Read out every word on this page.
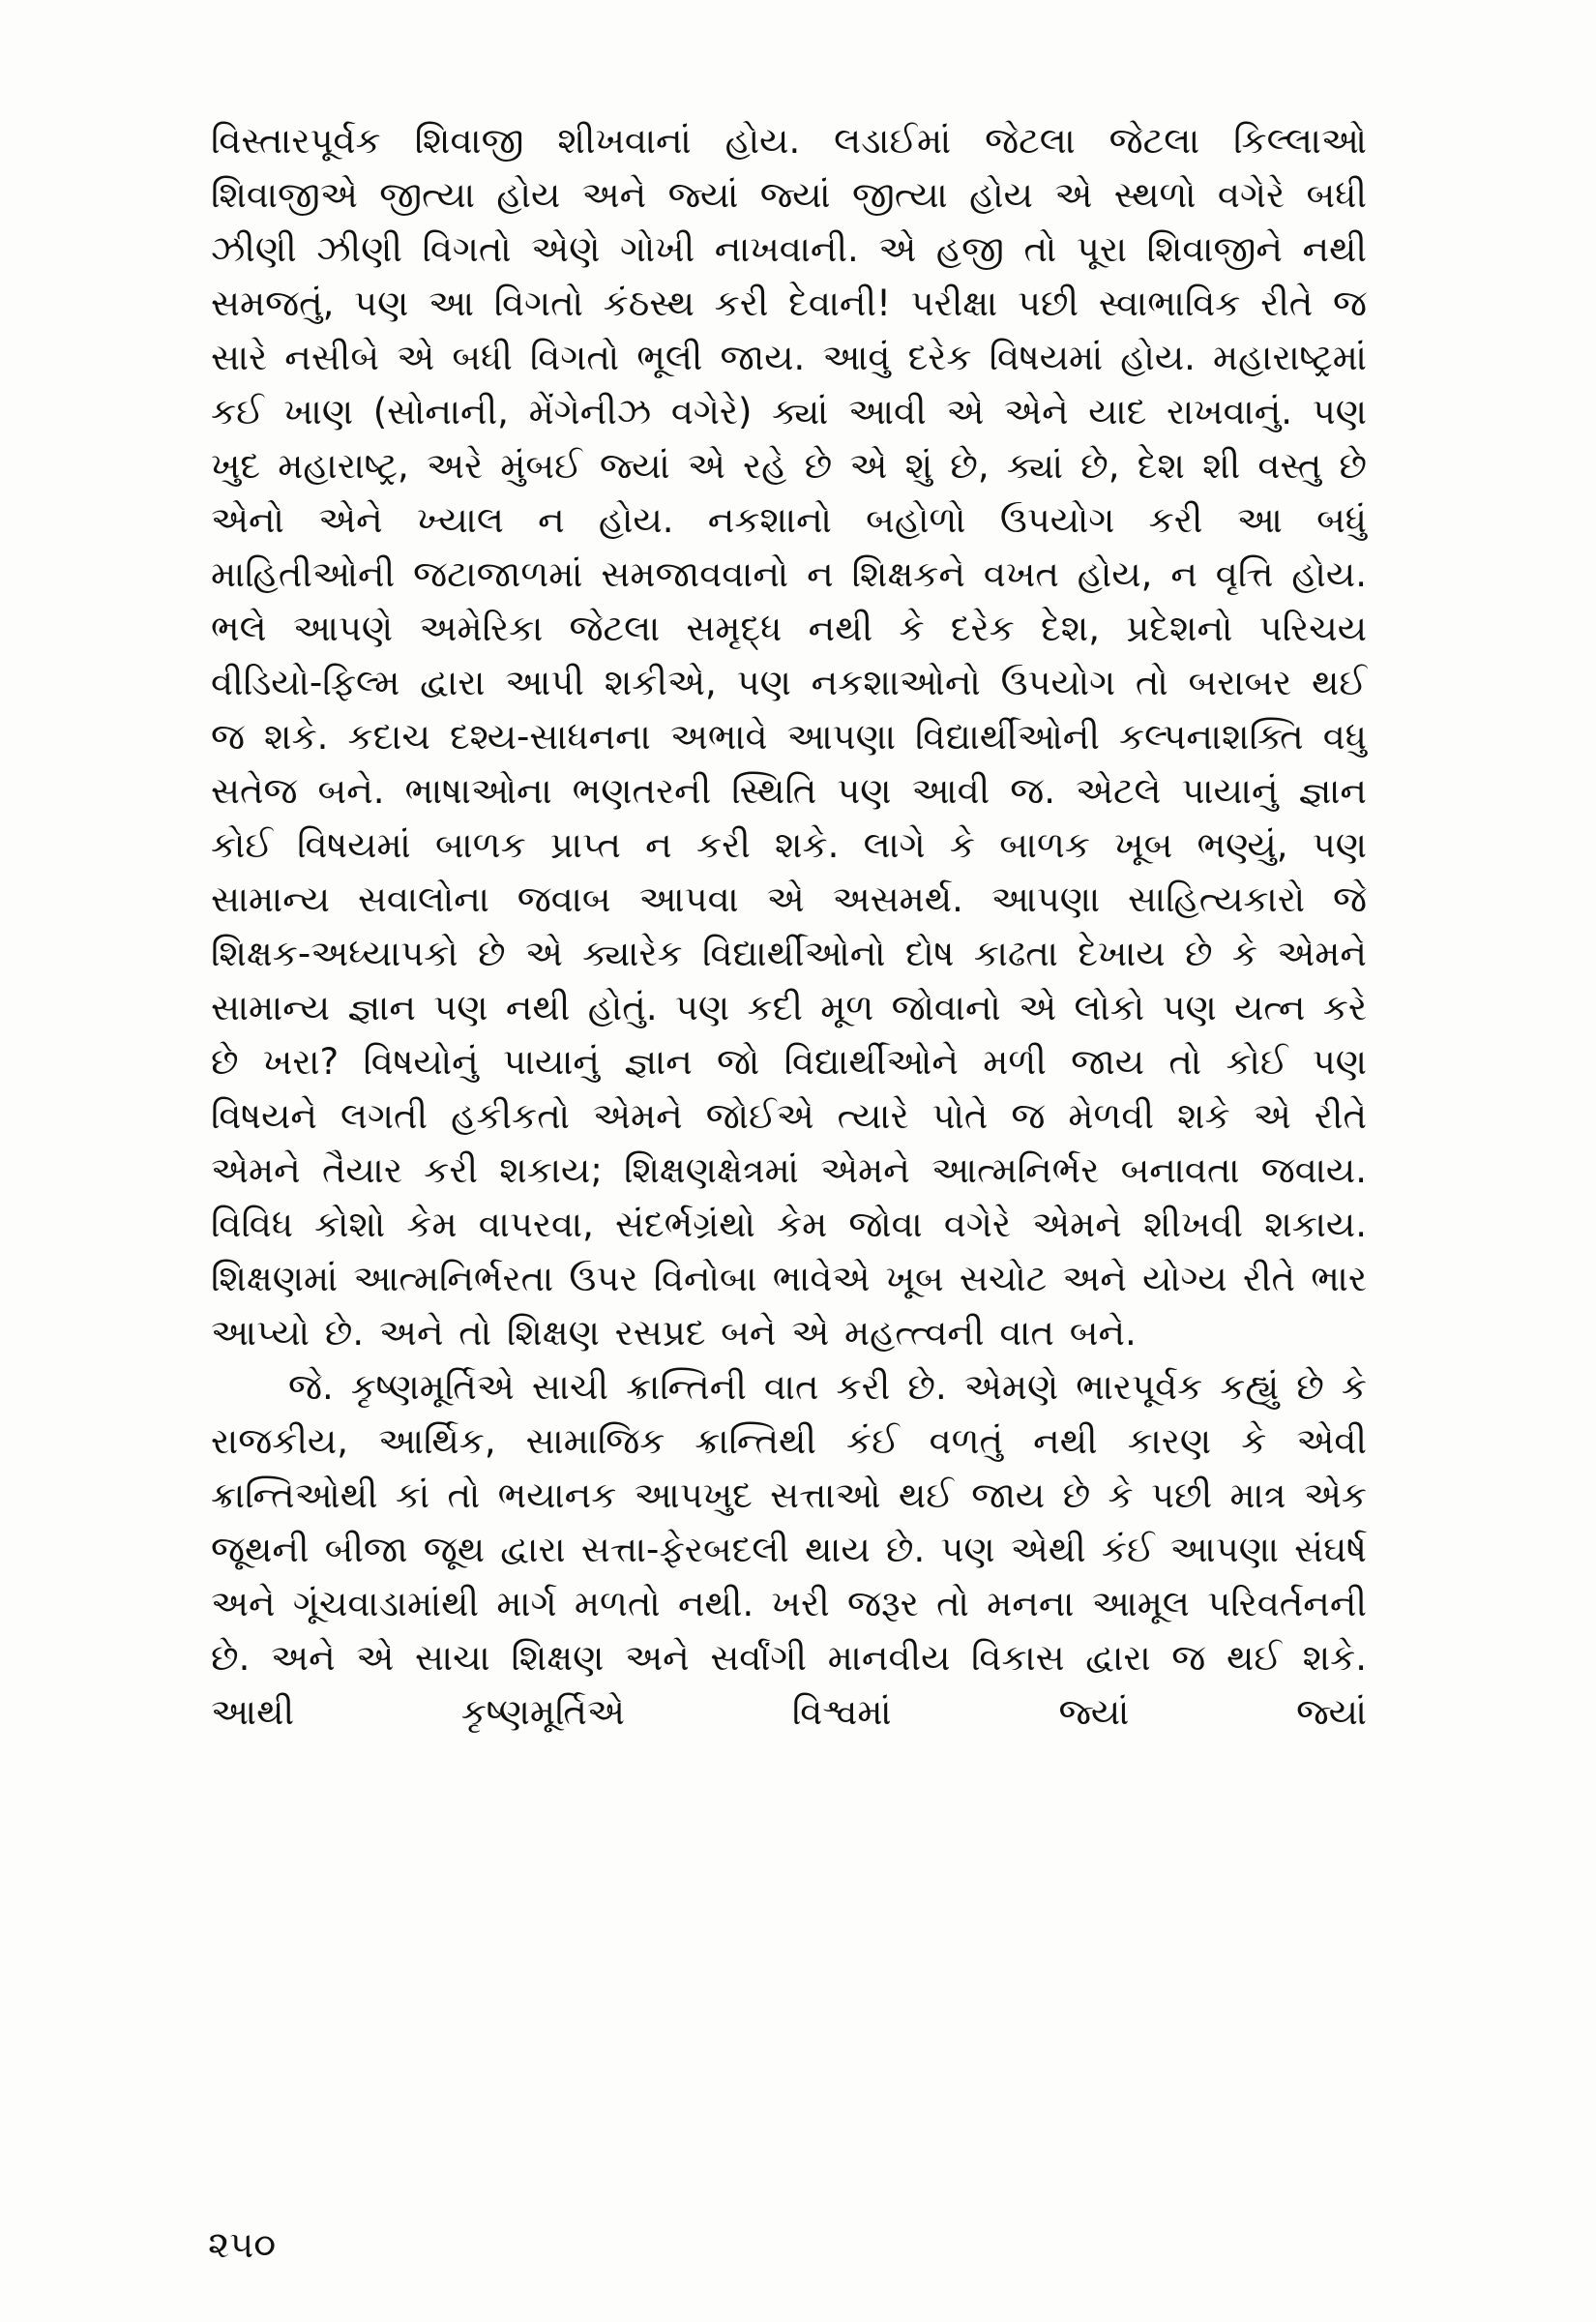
વિસ્તારપૂર્વક શિવાજી શીખવાનાં હોય. લડાઈમાં જેટલા જેટલા કિલ્લાઓ શિવાજીએ જીત્યા હોય અને જ્યાં જ્યાં જીત્યા હોય એ સ્થળો વગેરે બધી ઝીણી ઝીણી વિગતો એણે ગોખી નાખવાની. એ હજી તો પૂરા શિવાજીને નથી સમજતું, પણ આ વિગતો કંઠસ્થ કરી દેવાની! પરીક્ષા પછી સ્વાભાવિક રીતે જ સારે નસીબે એ બધી વિગતો ભૂલી જાય. આવું દરેક વિષયમાં હોય. મહારાષ્ટ્રમાં કઈ ખાણ (સોનાની, મેંગેનીઝ વગેરે) ક્યાં આવી એ એને યાદ રાખવાનું. પણ ખુદ મહારાષ્ટ્ર, અરે મુંબઈ જ્યાં એ રહે છે એ શું છે, ક્યાં છે, દેશ શી વસ્તુ છે એનો એને ખ્યાલ ન હોય. નકશાનો બહોળો ઉપયોગ કરી આ બધું માહિતીઓની જટાજાળમાં સમજાવવાનો ન શિક્ષકને વખત હોય, ન વૃત્તિ હોય. ભલે આપણે અમેરિકા જેટલા સમૃદ્ધ નથી કે દરેક દેશ, પ્રદેશનો પરિચય વીડિયો-ફિલ્મ દ્વારા આપી શકીએ, પણ નકશાઓનો ઉપયોગ તો બરાબર થઈ જ શકે. કદાચ દશ્ય-સાધનના અભાવે આપણા વિદ્યાર્થીઓની કલ્પનાશક્તિ વધુ સતેજ બને. ભાષાઓના ભણતરની સ્થિતિ પણ આવી જ. એટલે પાયાનું જ્ઞાન કોઈ વિષયમાં બાળક પ્રાપ્ત ન કરી શકે. લાગે કે બાળક ખૂબ ભણ્યું, પણ સામાન્ય સવાલોના જવાબ આપવા એ અસમર્થ. આપણા સાહિત્યકારો જે શિક્ષક-અધ્યાપકો છે એ ક્યારેક વિદ્યાર્થીઓનો દોષ કાઢતા દેખાય છે કે એમને સામાન્ય જ્ઞાન પણ નથી હોતું. પણ કદી મૂળ જોવાનો એ લોકો પણ યત્ન કરે છે ખરા? વિષયોનું પાયાનું જ્ઞાન જો વિદ્યાર્થીઓને મળી જાય તો કોઈ પણ વિષયને લગતી હકીકતો એમને જોઈએ ત્યારે પોતે જ મેળવી શકે એ રીતે એમને તૈયાર કરી શકાય; શિક્ષણક્ષેત્રમાં એમને આત્મનિર્ભર બનાવતા જવાય. વિવિધ કોશો કેમ વાપરવા, સંદર્ભગ્રંથો કેમ જોવા વગેરે એમને શીખવી શકાય. શિક્ષણમાં આત્મનિર્ભરતા ઉપર વિનોબા ભાવેએ ખૂબ સચોટ અને યોગ્ય રીતે ભાર આપ્યો છે. અને તો શિક્ષણ રસપ્રદ બને એ મહત્ત્વની વાત બને.

જે. કૃષ્ણમૂર્તિએ સાચી ક્રાન્તિની વાત કરી છે. એમણે ભારપૂર્વક કહ્યું છે કે રાજકીય, આર્થિક, સામાજિક ક્રાન્તિથી કંઈ વળતું નથી કારણ કે એવી ક્રાન્તિઓથી કાં તો ભયાનક આપખુદ સત્તાઓ થઈ જાય છે કે પછી માત્ર એક જૂથની બીજા જૂથ દ્વારા સત્તા-ફેરબદલી થાય છે. પણ એથી કંઈ આપણા સંઘર્ષ અને ગૂંચવાડામાંથી માર્ગ મળતો નથી. ખરી જરૂર તો મનના આમૂલ પરિવર્તનની છે. અને એ સાચા શિક્ષણ અને સર્વાંગી માનવીય વિકાસ દ્વારા જ થઈ શકે. આથી કૃષ્ણમૂર્તિએ વિશ્વમાં જ્યાં જ્યાં

૨૫૦
